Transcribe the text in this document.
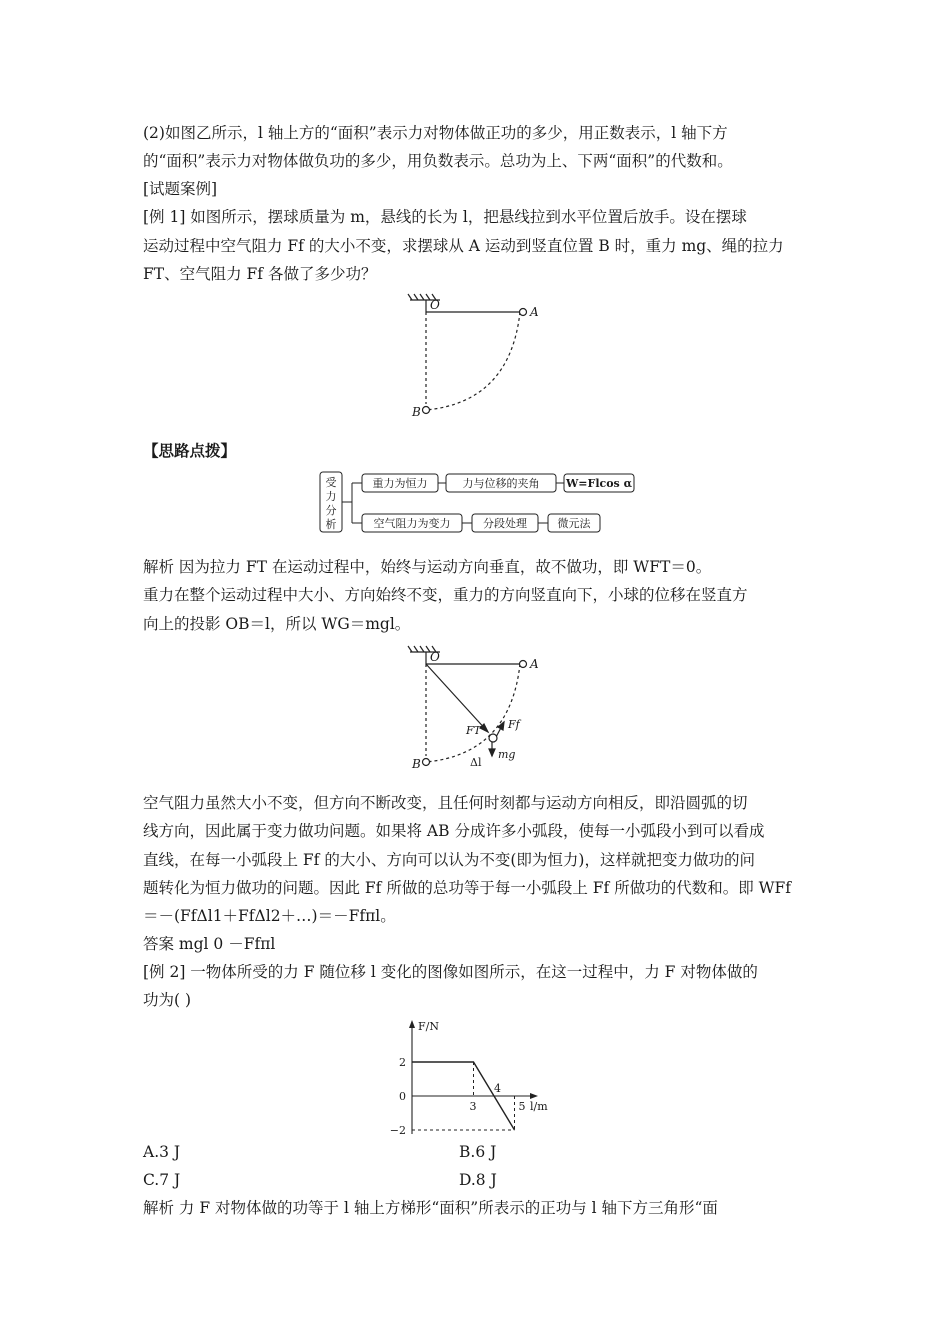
(2)如图乙所示，l 轴上方的“面积”表示力对物体做正功的多少，用正数表示，l 轴下方
的“面积”表示力对物体做负功的多少，用负数表示。总功为上、下两“面积”的代数和。
[试题案例]
[例 1] 如图所示，摆球质量为 m，悬线的长为 l，把悬线拉到水平位置后放手。设在摆球
运动过程中空气阻力 Ff 的大小不变，求摆球从 A 运动到竖直位置 B 时，重力 mg、绳的拉力
FT、空气阻力 Ff 各做了多少功？
O	A
B
【思路点拨】
受
力
分
析
重力为恒力	力与位移的夹角 W=Flcos α
空气阻力为变力	分段处理	微元法
解析 因为拉力 FT 在运动过程中，始终与运动方向垂直，故不做功，即 WFT＝0。
重力在整个运动过程中大小、方向始终不变，重力的方向竖直向下，小球的位移在竖直方
向上的投影 OB＝l，所以 WG＝mgl。
O	A
B
FT Ff
mg
Δl
空气阻力虽然大小不变，但方向不断改变，且任何时刻都与运动方向相反，即沿圆弧的切
线方向，因此属于变力做功问题。如果将 AB 分成许多小弧段，使每一小弧段小到可以看成
直线，在每一小弧段上 Ff 的大小、方向可以认为不变(即为恒力)，这样就把变力做功的问
题转化为恒力做功的问题。因此 Ff 所做的总功等于每一小弧段上 Ff 所做功的代数和。即 WFf
＝－(FfΔl1＋FfΔl2＋…)＝－Ffπl。
答案 mgl 0 －Ffπl
[例 2] 一物体所受的力 F 随位移 l 变化的图像如图所示，在这一过程中，力 F 对物体做的
功为( )
2
0
−2
3
4
5
F/N
l/m
A.3 J	B.6 J
C.7 J	D.8 J
解析 力 F 对物体做的功等于 l 轴上方梯形“面积”所表示的正功与 l 轴下方三角形“面
